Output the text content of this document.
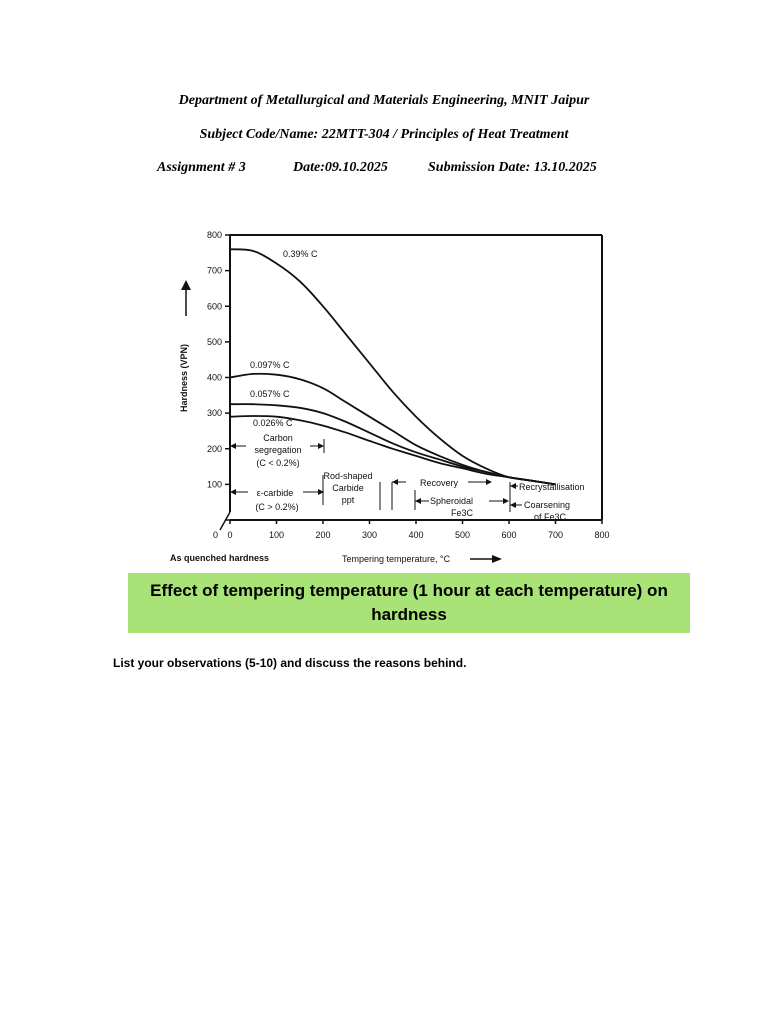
Department of Metallurgical and Materials Engineering, MNIT Jaipur
Subject Code/Name: 22MTT-304 / Principles of Heat Treatment
Assignment # 3	Date:09.10.2025	Submission Date: 13.10.2025
0
100
200
300
400
500
600
700
800
0	100	200	300	400	500	600	700	800
Hardness (VPN)
0.39% C
0.097% C
0.057% C
0.026% C
Carbon
segregation
(C < 0.2%)
ε-carbide
(C > 0.2%)
Rod-shaped
Carbide
ppt
Recovery
Spheroidal
Fe3C
Recrystallisation
Coarsening
of Fe3C
As quenched hardness	Tempering temperature, °C
Effect of tempering temperature (1 hour at each temperature) on
hardness
List your observations (5-10) and discuss the reasons behind.
